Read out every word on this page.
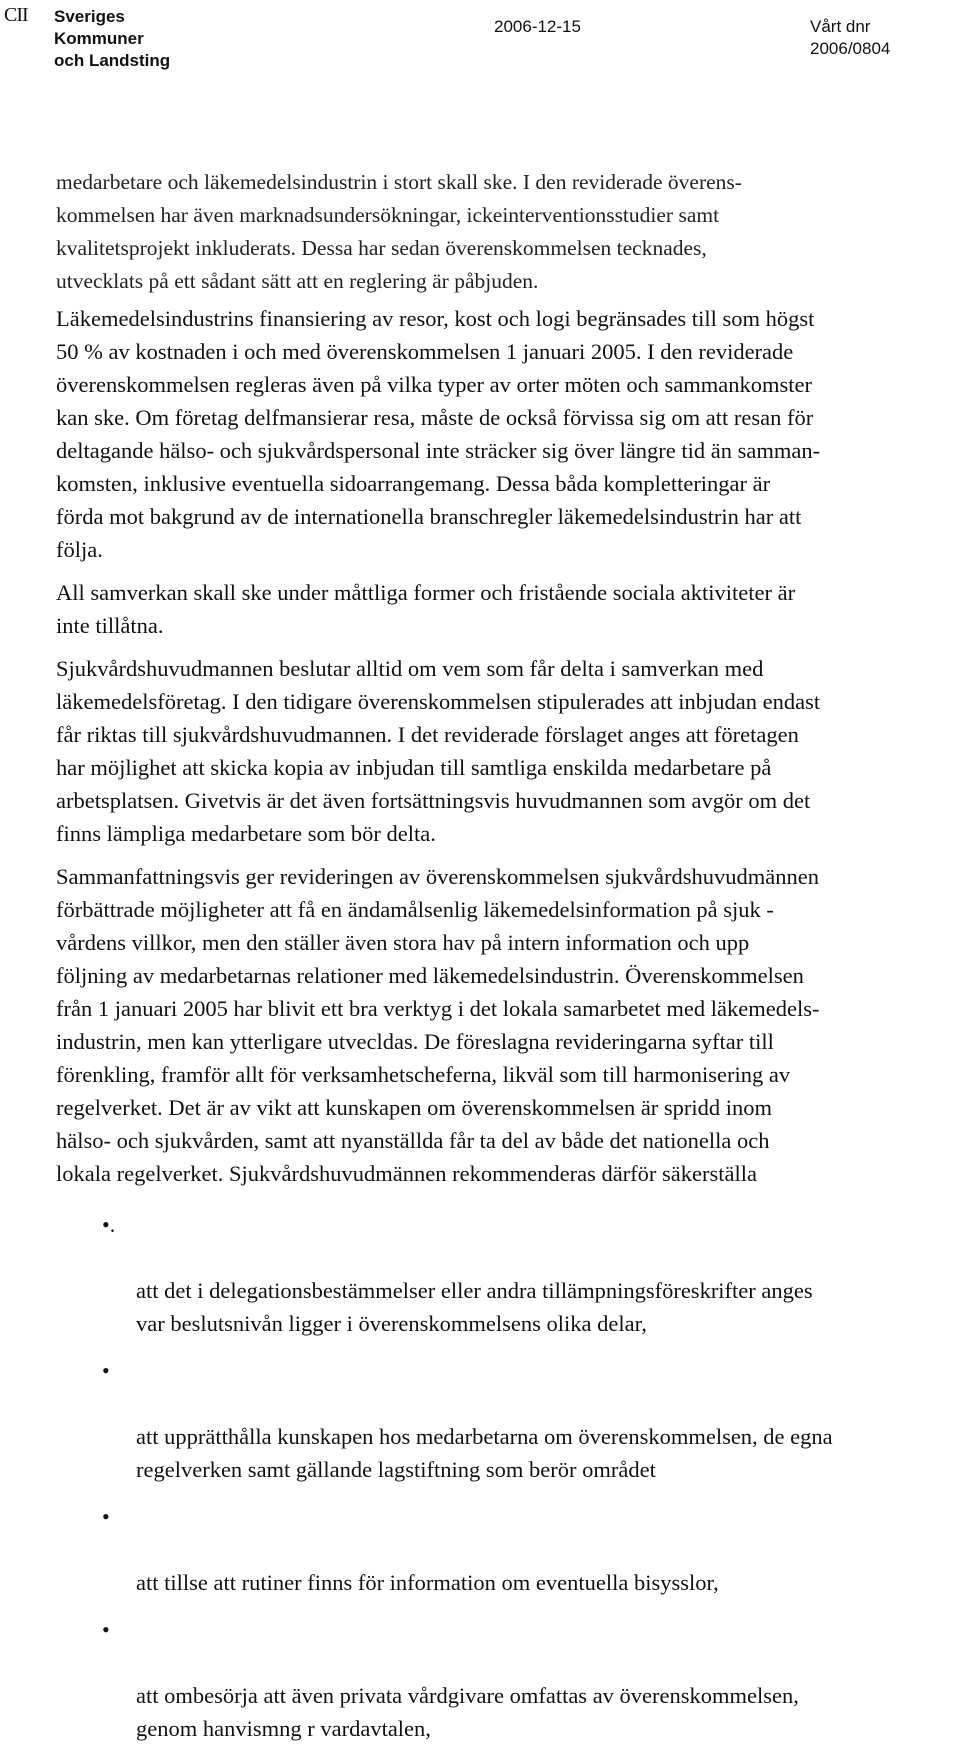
CII Sveriges
Kommuner
och Landsting
2006-12-15	Vårt dnr
2006/0804

medarbetare och läkemedelsindustrin i stort skall ske. I den reviderade överens-
kommelsen har även marknadsundersökningar, ickeinterventionsstudier samt
kvalitetsprojekt inkluderats. Dessa har sedan överenskommelsen tecknades,
utvecklats på ett sådant sätt att en reglering är påbjuden.

Läkemedelsindustrins finansiering av resor, kost och logi begränsades till som högst
50 % av kostnaden i och med överenskommelsen 1 januari 2005. I den reviderade
överenskommelsen regleras även på vilka typer av orter möten och sammankomster
kan ske. Om företag delfmansierar resa, måste de också förvissa sig om att resan för
deltagande hälso- och sjukvårdspersonal inte sträcker sig över längre tid än samman-
komsten, inklusive eventuella sidoarrangemang. Dessa båda kompletteringar är
förda mot bakgrund av de internationella branschregler läkemedelsindustrin har att
följa.

All samverkan skall ske under måttliga former och fristående sociala aktiviteter är
inte tillåtna.

Sjukvårdshuvudmannen beslutar alltid om vem som får delta i samverkan med
läkemedelsföretag. I den tidigare överenskommelsen stipulerades att inbjudan endast
får riktas till sjukvårdshuvudmannen. I det reviderade förslaget anges att företagen
har möjlighet att skicka kopia av inbjudan till samtliga enskilda medarbetare på
arbetsplatsen. Givetvis är det även fortsättningsvis huvudmannen som avgör om det
finns lämpliga medarbetare som bör delta.

Sammanfattningsvis ger revideringen av överenskommelsen sjukvårdshuvudmännen
förbättrade möjligheter att få en ändamålsenlig läkemedelsinformation på sjuk -
vårdens villkor, men den ställer även stora hav på intern information och upp
följning av medarbetarnas relationer med läkemedelsindustrin. Överenskommelsen
från 1 januari 2005 har blivit ett bra verktyg i det lokala samarbetet med läkemedels-
industrin, men kan ytterligare utvecldas. De föreslagna revideringarna syftar till
förenkling, framför allt för verksamhetscheferna, likväl som till harmonisering av
regelverket. Det är av vikt att kunskapen om överenskommelsen är spridd inom
hälso- och sjukvården, samt att nyanställda får ta del av både det nationella och
lokala regelverket. Sjukvårdshuvudmännen rekommenderas därför säkerställa

•.

att det i delegationsbestämmelser eller andra tillämpningsföreskrifter anges
var beslutsnivån ligger i överenskommelsens olika delar,

•

att upprätthålla kunskapen hos medarbetarna om överenskommelsen, de egna
regelverken samt gällande lagstiftning som berör området

•

att tillse att rutiner finns för information om eventuella bisysslor,

•

att ombesörja att även privata vårdgivare omfattas av överenskommelsen,
genom hanvismng r vardavtalen,
